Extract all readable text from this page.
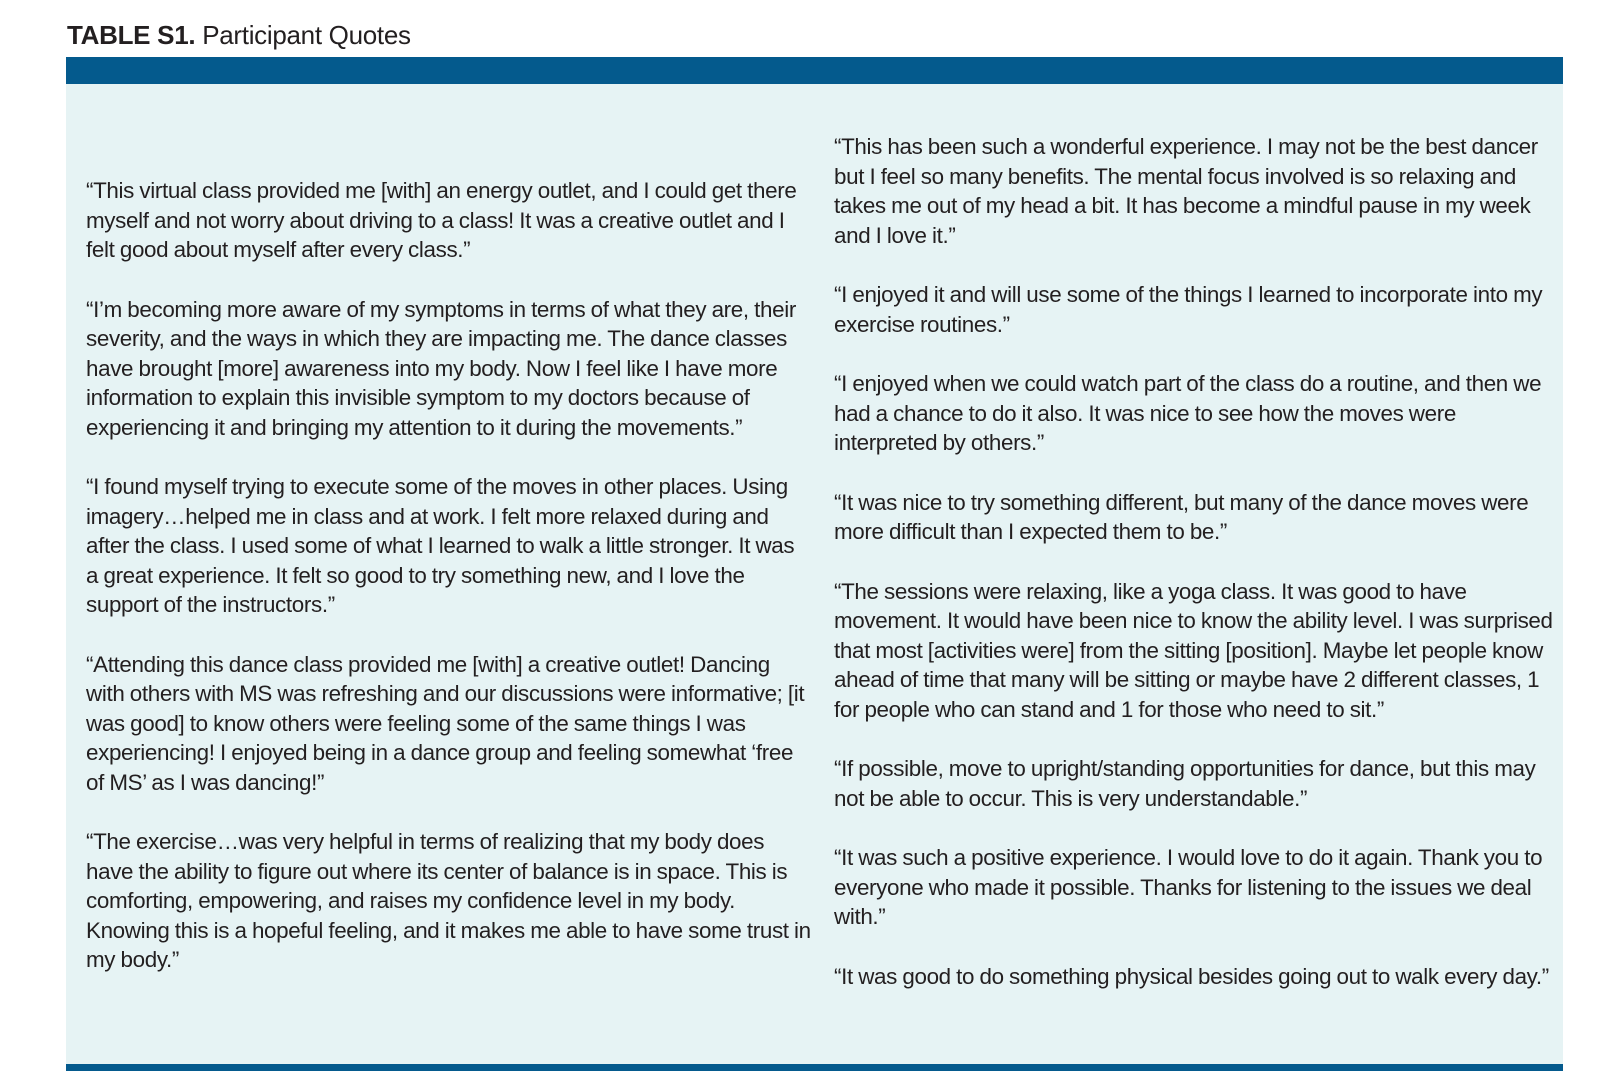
TABLE S1. Participant Quotes

“This virtual class provided me [with] an energy outlet, and I could get there myself and not worry about driving to a class! It was a creative outlet and I felt good about myself after every class.”

“I’m becoming more aware of my symptoms in terms of what they are, their severity, and the ways in which they are impacting me. The dance classes have brought [more] awareness into my body. Now I feel like I have more information to explain this invisible symptom to my doctors because of experiencing it and bringing my attention to it during the movements.”

“I found myself trying to execute some of the moves in other places. Using imagery…helped me in class and at work. I felt more relaxed during and after the class. I used some of what I learned to walk a little stronger. It was a great experience. It felt so good to try something new, and I love the support of the instructors.”

“Attending this dance class provided me [with] a creative outlet! Dancing with others with MS was refreshing and our discussions were informative; [it was good] to know others were feeling some of the same things I was experiencing! I enjoyed being in a dance group and feeling somewhat ‘free of MS’ as I was dancing!”

“The exercise…was very helpful in terms of realizing that my body does have the ability to figure out where its center of balance is in space. This is comforting, empowering, and raises my confidence level in my body. Knowing this is a hopeful feeling, and it makes me able to have some trust in my body.”

“This has been such a wonderful experience. I may not be the best dancer but I feel so many benefits. The mental focus involved is so relaxing and takes me out of my head a bit. It has become a mindful pause in my week and I love it.”

“I enjoyed it and will use some of the things I learned to incorporate into my exercise routines.”

“I enjoyed when we could watch part of the class do a routine, and then we had a chance to do it also. It was nice to see how the moves were interpreted by others.”

“It was nice to try something different, but many of the dance moves were more difficult than I expected them to be.”

“The sessions were relaxing, like a yoga class. It was good to have movement. It would have been nice to know the ability level. I was surprised that most [activities were] from the sitting [position]. Maybe let people know ahead of time that many will be sitting or maybe have 2 different classes, 1 for people who can stand and 1 for those who need to sit.”

“If possible, move to upright/standing opportunities for dance, but this may not be able to occur. This is very understandable.”

“It was such a positive experience. I would love to do it again. Thank you to everyone who made it possible. Thanks for listening to the issues we deal with.”

“It was good to do something physical besides going out to walk every day.”
